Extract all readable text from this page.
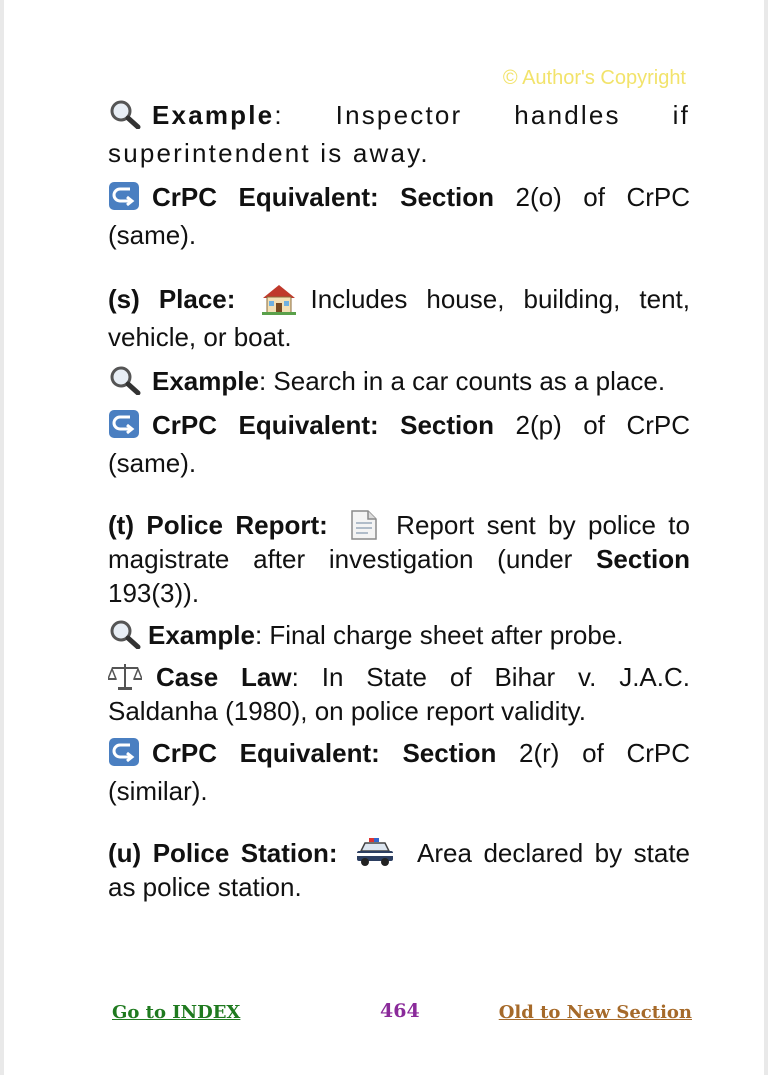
© Author's Copyright

Example: Inspector handles if superintendent is away.

CrPC Equivalent: Section 2(o) of CrPC (same).

(s) Place:	Includes house, building, tent, vehicle, or boat.

Example: Search in a car counts as a place.

CrPC Equivalent: Section 2(p) of CrPC (same).

(t) Police Report:	Report sent by police to magistrate after investigation (under Section 193(3)).

Example: Final charge sheet after probe.

Case Law: In State of Bihar v. J.A.C. Saldanha (1980), on police report validity.

CrPC Equivalent: Section 2(r) of CrPC (similar).

(u) Police Station:	Area declared by state as police station.

Go to INDEX	464	Old to New Section
